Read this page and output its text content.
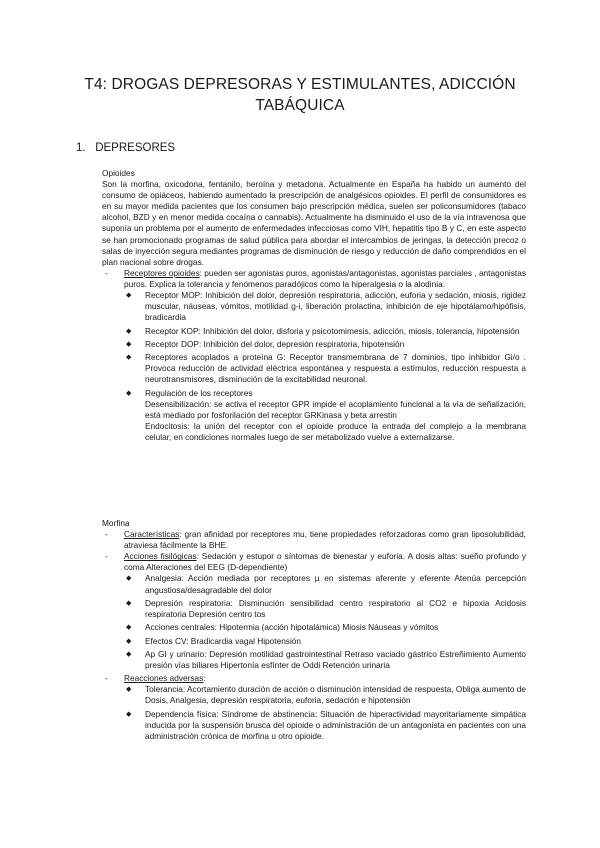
T4: DROGAS DEPRESORAS Y ESTIMULANTES, ADICCIÓN
TABÁQUICA
1. DEPRESORES

Opioides

Son la morfina, oxicodona, fentanilo, heroína y metadona. Actualmente en España ha habido un aumento del consumo de opiáceos, habiendo aumentado la prescripción de analgésicos opioides. El perfil de consumidores es en su mayor medida pacientes que los consumen bajo prescripción médica, suelen ser policonsumidores (tabaco alcohol, BZD y en menor medida cocaína o cannabis). Actualmente ha disminuido el uso de la vía intravenosa que suponía un problema por el aumento de enfermedades infecciosas como VIH, hepatitis tipo B y C, en este aspecto se han promocionado programas de salud pública para abordar el intercambios de jeringas, la detección precoz o salas de inyección segura mediantes programas de disminución de riesgo y reducción de daño comprendidos en el plan nacional sobre drogas.

- Receptores opioides: pueden ser agonistas puros, agonistas/antagonistas, agonistas parciales , antagonistas puros. Explica la tolerancia y fenómenos paradójicos como la hiperalgesia o la alodinia.

◆ Receptor MOP: Inhibición del dolor, depresión respiratoria, adicción, euforia y sedación, miosis, rigidez muscular, náuseas, vómitos, motilidad g-i, liberación prolactina, inhibición de eje hipotálamo/hipófisis, bradicardia
◆ Receptor KOP: Inhibición del dolor, disforia y psicotomimesis, adicción, miosis, tolerancia, hipotensión
◆ Receptor DOP: Inhibición del dolor, depresión respiratoria, hipotensión
◆ Receptores acoplados a proteína G: Receptor transmembrana de 7 dominios, tipo inhibidor Gi/o . Provoca reducción de actividad eléctrica espontánea y respuesta a estímulos, reducción respuesta a neurotransmisores, disminución de la excitabilidad neuronal.
◆ Regulación de los receptores
Desensibilización: se activa el receptor GPR impide el acoplamiento funcional a la vía de señalización, está mediado por fosforilación del receptor GRKinasa y beta arrestin
Endocitosis: la unión del receptor con el opioide produce la entrada del complejo a la membrana celular, en condiciones normales luego de ser metabolizado vuelve a externalizarse.

Morfina

- Características: gran afinidad por receptores mu, tiene propiedades reforzadoras como gran liposolubilidad, atraviesa fácilmente la BHE.

- Acciones fisilógicas: Sedación y estupor o síntomas de bienestar y euforia. A dosis altas: sueño profundo y coma Alteraciones del EEG (D-dependiente)

◆ Analgesia: Acción mediada por receptores µ en sistemas aferente y eferente Atenúa percepción angustiosa/desagradable del dolor
◆ Depresión respiratoria: Disminución sensibilidad centro respiratorio al CO2 e hipoxia Acidosis respiratoria Depresión centro tos
◆ Acciones centrales: Hipotermia (acción hipotalámica) Miosis Náuseas y vómitos
◆ Efectos CV: Bradicardia vagal Hipotensión
◆ Ap GI y urinario: Depresión motilidad gastrointestinal Retraso vaciado gástrico Estreñimiento Aumento presión vías biliares Hipertonía esfínter de Oddi Retención urinaria

- Reacciones adversas:

◆ Tolerancia: Acortamiento duración de acción o disminución intensidad de respuesta, Obliga aumento de Dosis, Analgesia, depresión respiratoria, euforia, sedación e hipotensión
◆ Dependencia física: Síndrome de abstinencia: Situación de hiperactividad mayoritariamente simpática inducida por la suspensión brusca del opioide o administración de un antagonista en pacientes con una administración crónica de morfina u otro opioide.
